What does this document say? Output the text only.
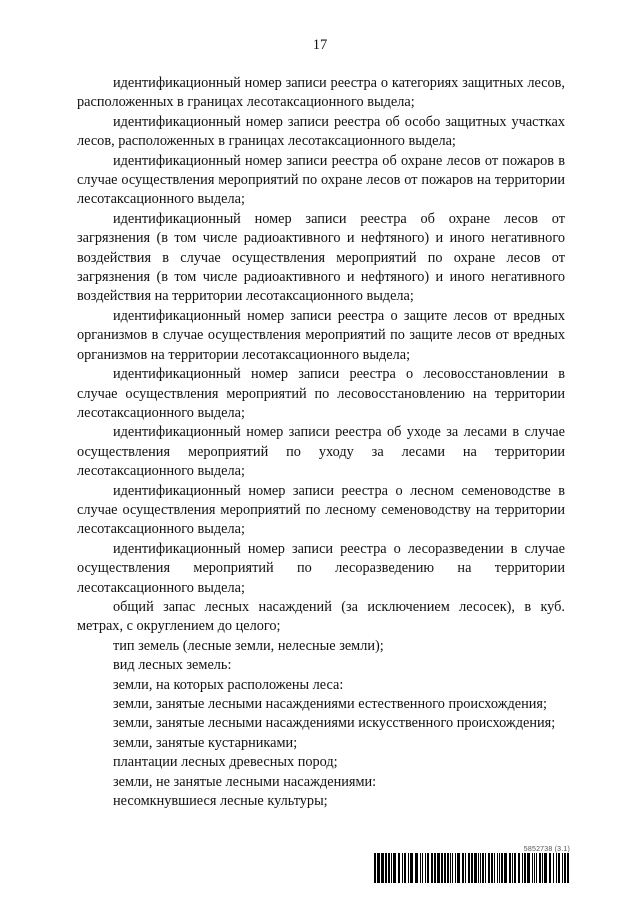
17

идентификационный номер записи реестра о категориях защитных лесов, расположенных в границах лесотаксационного выдела;

идентификационный номер записи реестра об особо защитных участках лесов, расположенных в границах лесотаксационного выдела;

идентификационный номер записи реестра об охране лесов от пожаров в случае осуществления мероприятий по охране лесов от пожаров на территории лесотаксационного выдела;

идентификационный номер записи реестра об охране лесов от загрязнения (в том числе радиоактивного и нефтяного) и иного негативного воздействия в случае осуществления мероприятий по охране лесов от загрязнения (в том числе радиоактивного и нефтяного) и иного негативного воздействия на территории лесотаксационного выдела;

идентификационный номер записи реестра о защите лесов от вредных организмов в случае осуществления мероприятий по защите лесов от вредных организмов на территории лесотаксационного выдела;

идентификационный номер записи реестра о лесовосстановлении в случае осуществления мероприятий по лесовосстановлению на территории лесотаксационного выдела;

идентификационный номер записи реестра об уходе за лесами в случае осуществления мероприятий по уходу за лесами на территории лесотаксационного выдела;

идентификационный номер записи реестра о лесном семеноводстве в случае осуществления мероприятий по лесному семеноводству на территории лесотаксационного выдела;

идентификационный номер записи реестра о лесоразведении в случае осуществления мероприятий по лесоразведению на территории лесотаксационного выдела;

общий запас лесных насаждений (за исключением лесосек), в куб. метрах, с округлением до целого;

тип земель (лесные земли, нелесные земли);

вид лесных земель:

земли, на которых расположены леса:

земли, занятые лесными насаждениями естественного происхождения;

земли, занятые лесными насаждениями искусственного происхождения;

земли, занятые кустарниками;

плантации лесных древесных пород;

земли, не занятые лесными насаждениями:

несомкнувшиеся лесные культуры;

5852738 (3.1)
